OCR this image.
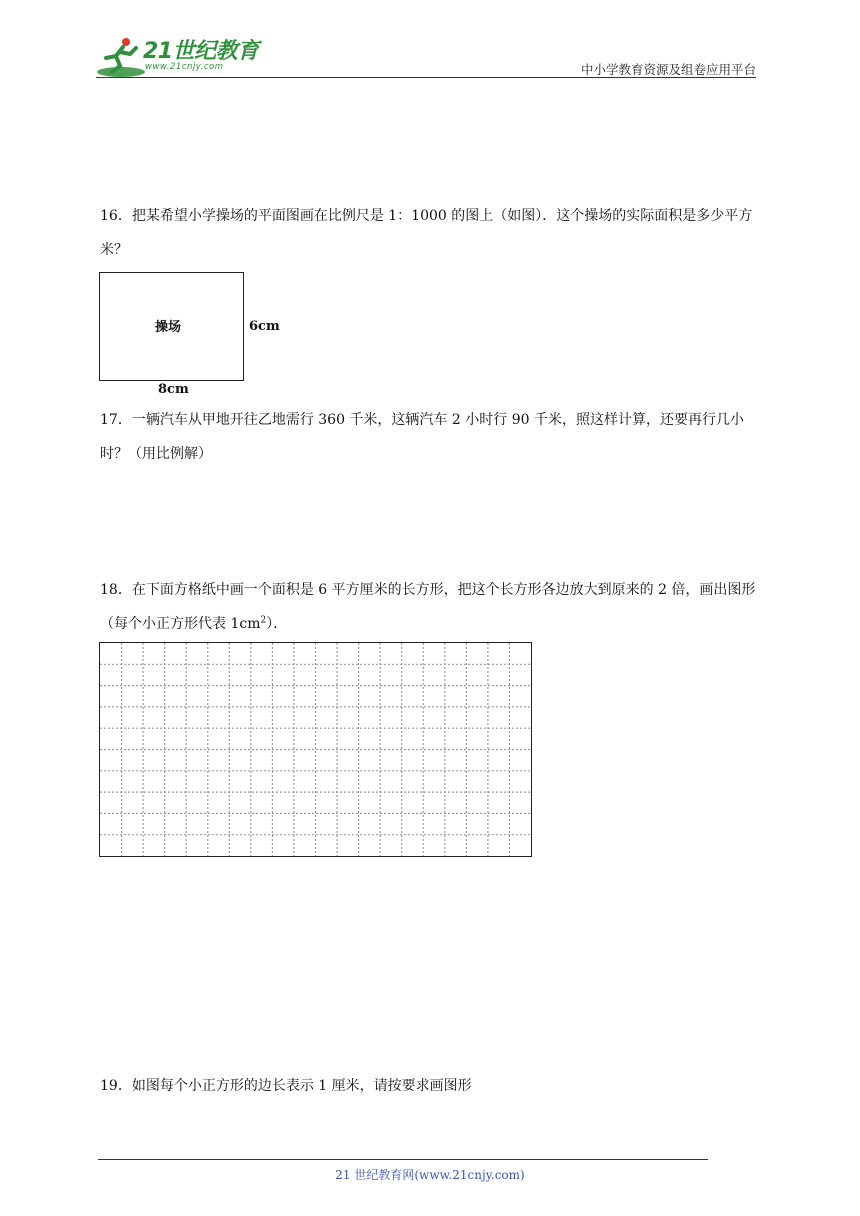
21世纪教育
www.21cnjy.com	中小学教育资源及组卷应用平台
16．把某希望小学操场的平面图画在比例尺是 1：1000 的图上（如图）．这个操场的实际面积是多少平方米？
操场	6cm
8cm
17．一辆汽车从甲地开往乙地需行 360 千米，这辆汽车 2 小时行 90 千米，照这样计算，还要再行几小时？（用比例解）
18．在下面方格纸中画一个面积是 6 平方厘米的长方形，把这个长方形各边放大到原来的 2 倍，画出图形（每个小正方形代表 $1cm^2$）．
19．如图每个小正方形的边长表示 1 厘米，请按要求画图形
21 世纪教育网(www.21cnjy.com)
